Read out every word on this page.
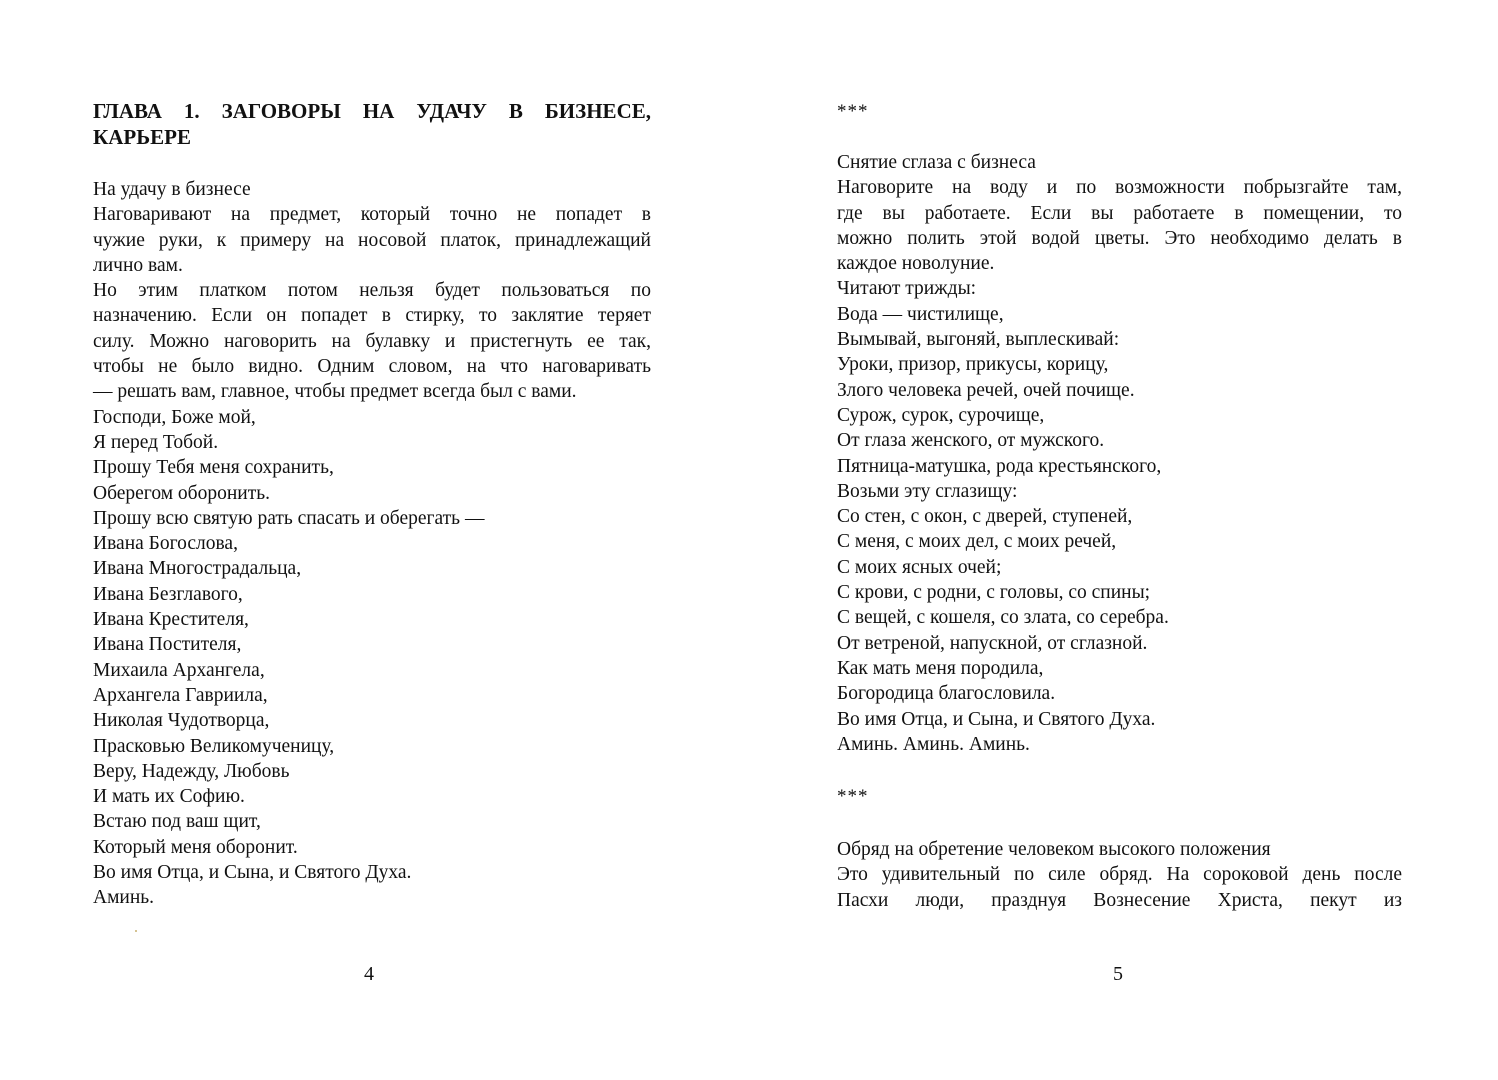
ГЛАВА 1. ЗАГОВОРЫ НА УДАЧУ В БИЗНЕСЕ,
КАРЬЕРЕ
На удачу в бизнесе
Наговаривают на предмет, который точно не попадет в
чужие руки, к примеру на носовой платок, принадлежащий
лично вам.
Но этим платком потом нельзя будет пользоваться по
назначению. Если он попадет в стирку, то заклятие теряет
силу. Можно наговорить на булавку и пристегнуть ее так,
чтобы не было видно. Одним словом, на что наговаривать
— решать вам, главное, чтобы предмет всегда был с вами.
Господи, Боже мой,
Я перед Тобой.
Прошу Тебя меня сохранить,
Оберегом оборонить.
Прошу всю святую рать спасать и оберегать —
Ивана Богослова,
Ивана Многострадальца,
Ивана Безглавого,
Ивана Крестителя,
Ивана Постителя,
Михаила Архангела,
Архангела Гавриила,
Николая Чудотворца,
Прасковью Великомученицу,
Веру, Надежду, Любовь
И мать их Софию.
Встаю под ваш щит,
Который меня оборонит.
Во имя Отца, и Сына, и Святого Духа.
Аминь.
4
***
Снятие сглаза с бизнеса
Наговорите на воду и по возможности побрызгайте там,
где вы работаете. Если вы работаете в помещении, то
можно полить этой водой цветы. Это необходимо делать в
каждое новолуние.
Читают трижды:
Вода — чистилище,
Вымывай, выгоняй, выплескивай:
Уроки, призор, прикусы, корицу,
Злого человека речей, очей почище.
Сурож, сурок, сурочище,
От глаза женского, от мужского.
Пятница-матушка, рода крестьянского,
Возьми эту сглазищу:
Со стен, с окон, с дверей, ступеней,
С меня, с моих дел, с моих речей,
С моих ясных очей;
С крови, с родни, с головы, со спины;
С вещей, с кошеля, со злата, со серебра.
От ветреной, напускной, от сглазной.
Как мать меня породила,
Богородица благословила.
Во имя Отца, и Сына, и Святого Духа.
Аминь. Аминь. Аминь.
***
Обряд на обретение человеком высокого положения
Это удивительный по силе обряд. На сороковой день после
Пасхи люди, празднуя Вознесение Христа, пекут из
5
